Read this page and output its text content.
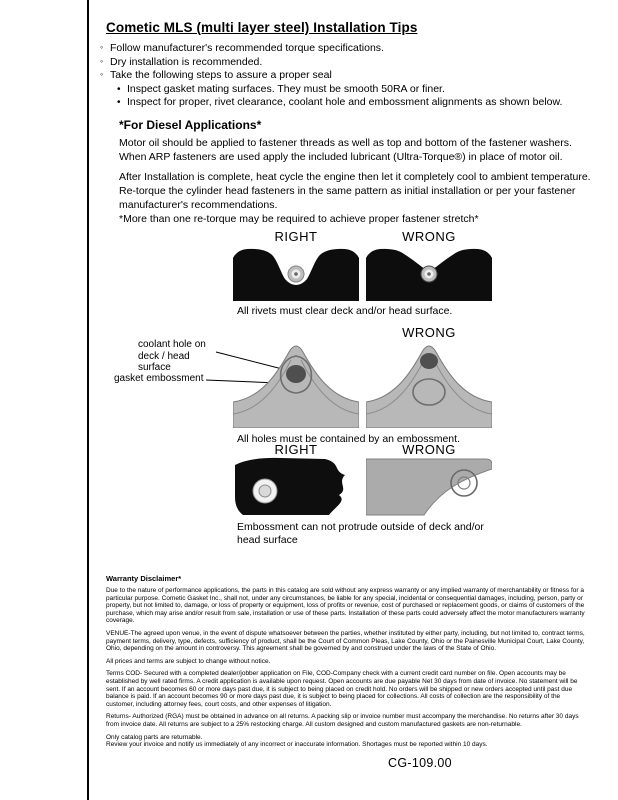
Cometic MLS (multi layer steel) Installation Tips
◦
Follow manufacturer's recommended torque specifications.
◦
Dry installation is recommended.
◦
Take the following steps to assure a proper seal
•
Inspect gasket mating surfaces. They must be smooth 50RA or finer.
•
Inspect for proper, rivet clearance, coolant hole and embossment alignments as shown below.
*For Diesel Applications*

Motor oil should be applied to fastener threads as well as top and bottom of the fastener washers. When ARP fasteners are used apply the included lubricant (Ultra-Torque®) in place of motor oil.

After Installation is complete, heat cycle the engine then let it completely cool to ambient temperature. Re-torque the cylinder head fasteners in the same pattern as initial installation or per your fastener manufacturer's recommendations.

*More than one re-torque may be required to achieve proper fastener stretch*

RIGHT	WRONG
All rivets must clear deck and/or head surface.
WRONG
coolant hole on deck / head surface
gasket embossment
All holes must be contained by an embossment.
RIGHT	WRONG
Embossment can not protrude outside of deck and/or head surface
Warranty Disclaimer*

Due to the nature of performance applications, the parts in this catalog are sold without any express warranty or any implied warranty of merchantability or fitness for a particular purpose. Cometic Gasket Inc., shall not, under any circumstances, be liable for any special, incidental or consequential damages, including, person, party or property, but not limited to, damage, or loss of property or equipment, loss of profits or revenue, cost of purchased or replacement goods, or claims of customers of the purchase, which may arise and/or result from sale, installation or use of these parts. Installation of these parts could adversely affect the motor manufacturers warranty coverage.

VENUE-The agreed upon venue, in the event of dispute whatsoever between the parties, whether instituted by either party, including, but not limited to, contract terms, payment terms, delivery, type, defects, sufficiency of product, shall be the Court of Common Pleas, Lake County, Ohio or the Painesville Municipal Court, Lake County, Ohio, depending on the amount in controversy. This agreement shall be governed by and construed under the laws of the State of Ohio.

All prices and terms are subject to change without notice.

Terms COD- Secured with a completed dealer/jobber application on File, COD-Company check with a current credit card number on file. Open accounts may be established by well rated firms. A credit application is available upon request. Open accounts are due payable Net 30 days from date of invoice. No statement will be sent. If an account becomes 60 or more days past due, it is subject to being placed on credit hold. No orders will be shipped or new orders accepted until past due balance is paid. If an account becomes 90 or more days past due, it is subject to being placed for collections. All costs of collection are the responsibility of the customer, including attorney fees, court costs, and other expenses of litigation.

Returns- Authorized (RGA) must be obtained in advance on all returns. A packing slip or invoice number must accompany the merchandise. No returns after 30 days from invoice date. All returns are subject to a 25% restocking charge. All custom designed and custom manufactured gaskets are non-returnable.

Only catalog parts are returnable.

Review your invoice and notify us immediately of any incorrect or inaccurate information. Shortages must be reported within 10 days.

CG-109.00
